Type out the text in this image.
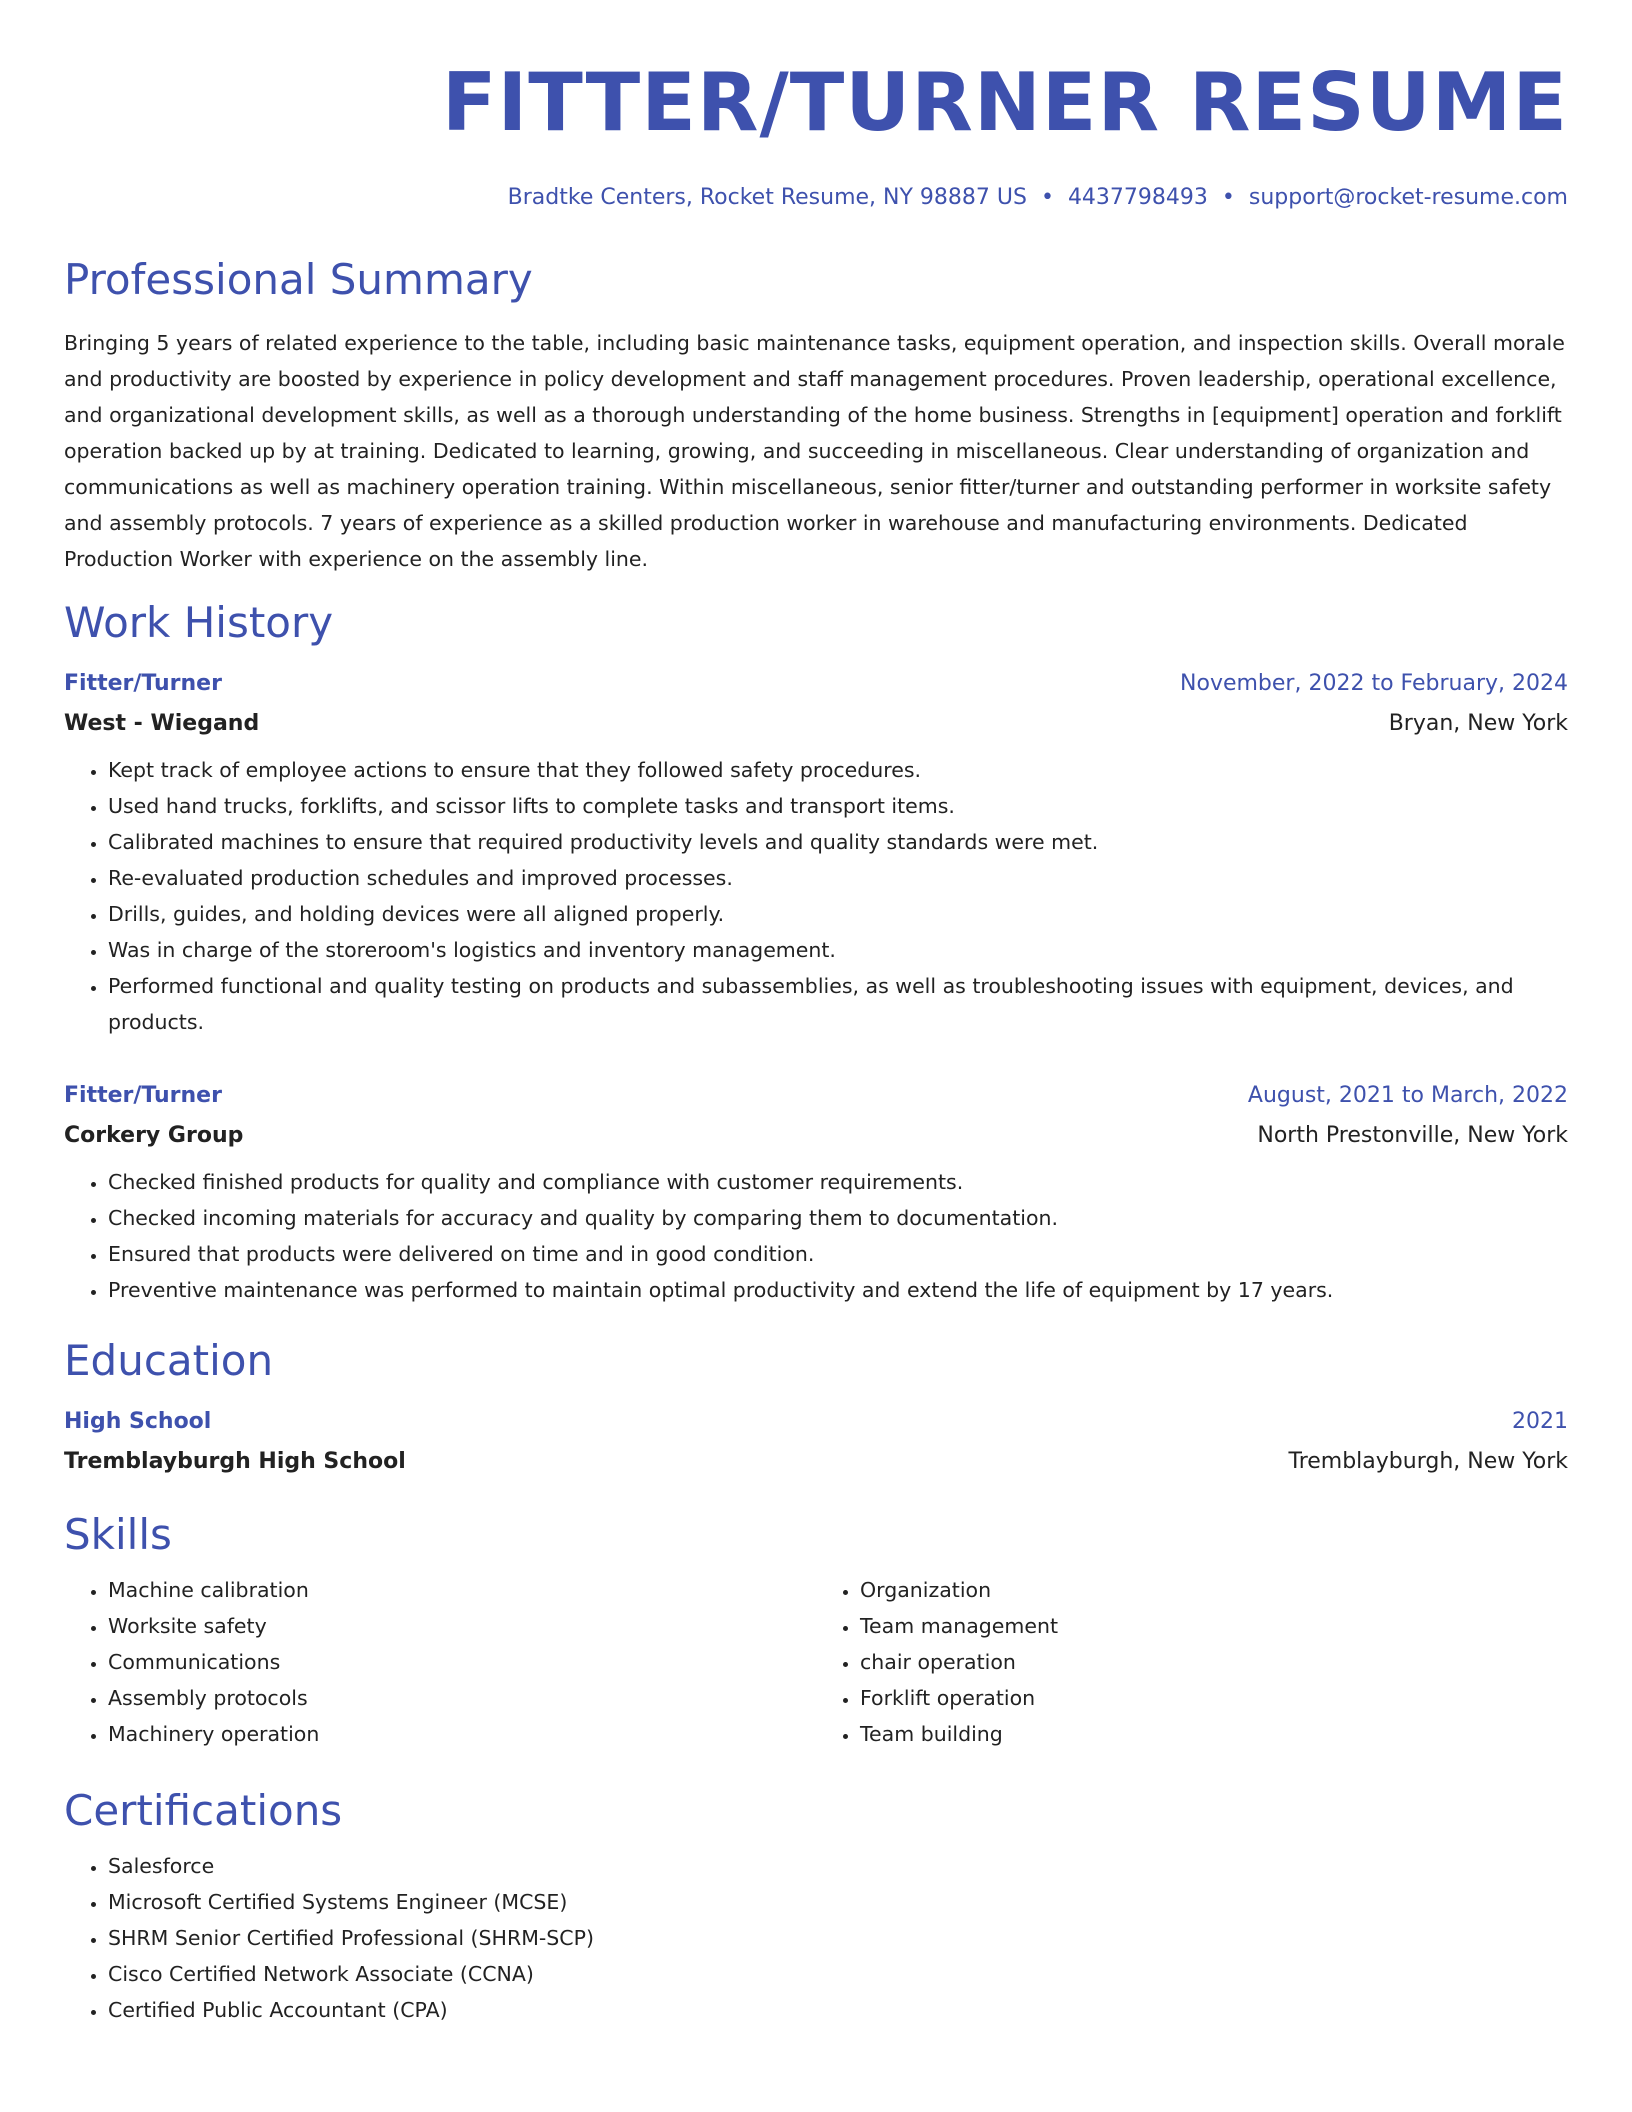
FITTER/TURNER RESUME
Bradtke Centers, Rocket Resume, NY 98887 US • 4437798493 • support@rocket-resume.com
Professional Summary
Bringing 5 years of related experience to the table, including basic maintenance tasks, equipment operation, and inspection skills. Overall morale and productivity are boosted by experience in policy development and staff management procedures. Proven leadership, operational excellence, and organizational development skills, as well as a thorough understanding of the home business. Strengths in [equipment] operation and forklift operation backed up by at training. Dedicated to learning, growing, and succeeding in miscellaneous. Clear understanding of organization and communications as well as machinery operation training. Within miscellaneous, senior fitter/turner and outstanding performer in worksite safety and assembly protocols. 7 years of experience as a skilled production worker in warehouse and manufacturing environments. Dedicated Production Worker with experience on the assembly line.
Work History
Fitter/Turner	November, 2022 to February, 2024
West - Wiegand	Bryan, New York
• Kept track of employee actions to ensure that they followed safety procedures.
• Used hand trucks, forklifts, and scissor lifts to complete tasks and transport items.
• Calibrated machines to ensure that required productivity levels and quality standards were met.
• Re-evaluated production schedules and improved processes.
• Drills, guides, and holding devices were all aligned properly.
• Was in charge of the storeroom's logistics and inventory management.
• Performed functional and quality testing on products and subassemblies, as well as troubleshooting issues with equipment, devices, and products.
Fitter/Turner	August, 2021 to March, 2022
Corkery Group	North Prestonville, New York
• Checked finished products for quality and compliance with customer requirements.
• Checked incoming materials for accuracy and quality by comparing them to documentation.
• Ensured that products were delivered on time and in good condition.
• Preventive maintenance was performed to maintain optimal productivity and extend the life of equipment by 17 years.
Education
High School	2021
Tremblayburgh High School	Tremblayburgh, New York
Skills
• Machine calibration
• Worksite safety
• Communications
• Assembly protocols
• Machinery operation
• Organization
• Team management
• chair operation
• Forklift operation
• Team building
Certifications
• Salesforce
• Microsoft Certified Systems Engineer (MCSE)
• SHRM Senior Certified Professional (SHRM-SCP)
• Cisco Certified Network Associate (CCNA)
• Certified Public Accountant (CPA)
